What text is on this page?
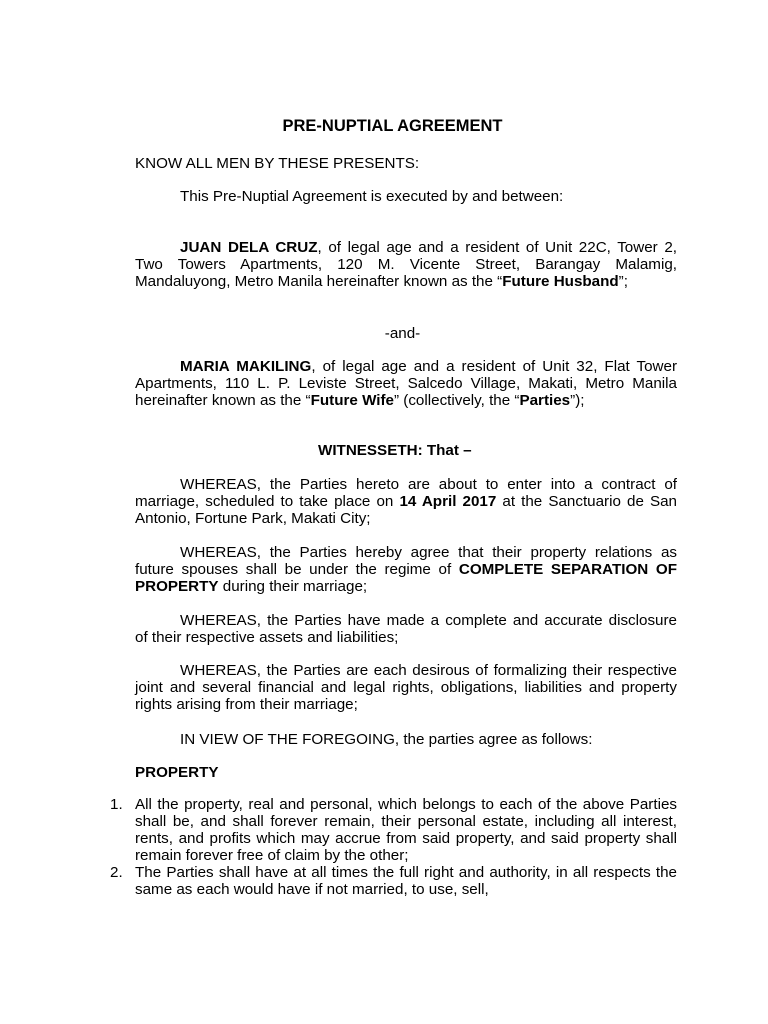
PRE-NUPTIAL AGREEMENT
KNOW ALL MEN BY THESE PRESENTS:
This Pre-Nuptial Agreement is executed by and between:

JUAN DELA CRUZ, of legal age and a resident of Unit 22C, Tower 2, Two Towers Apartments, 120 M. Vicente Street, Barangay Malamig, Mandaluyong, Metro Manila hereinafter known as the “Future Husband”;

-and-

MARIA MAKILING, of legal age and a resident of Unit 32, Flat Tower Apartments, 110 L. P. Leviste Street, Salcedo Village, Makati, Metro Manila hereinafter known as the “Future Wife” (collectively, the “Parties”);

WITNESSETH: That –

WHEREAS, the Parties hereto are about to enter into a contract of marriage, scheduled to take place on 14 April 2017 at the Sanctuario de San Antonio, Fortune Park, Makati City;

WHEREAS, the Parties hereby agree that their property relations as future spouses shall be under the regime of COMPLETE SEPARATION OF PROPERTY during their marriage;

WHEREAS, the Parties have made a complete and accurate disclosure of their respective assets and liabilities;

WHEREAS, the Parties are each desirous of formalizing their respective joint and several financial and legal rights, obligations, liabilities and property rights arising from their marriage;

IN VIEW OF THE FOREGOING, the parties agree as follows:
PROPERTY
1. All the property, real and personal, which belongs to each of the above Parties shall be, and shall forever remain, their personal estate, including all interest, rents, and profits which may accrue from said property, and said property shall remain forever free of claim by the other;
2. The Parties shall have at all times the full right and authority, in all respects the same as each would have if not married, to use, sell,
